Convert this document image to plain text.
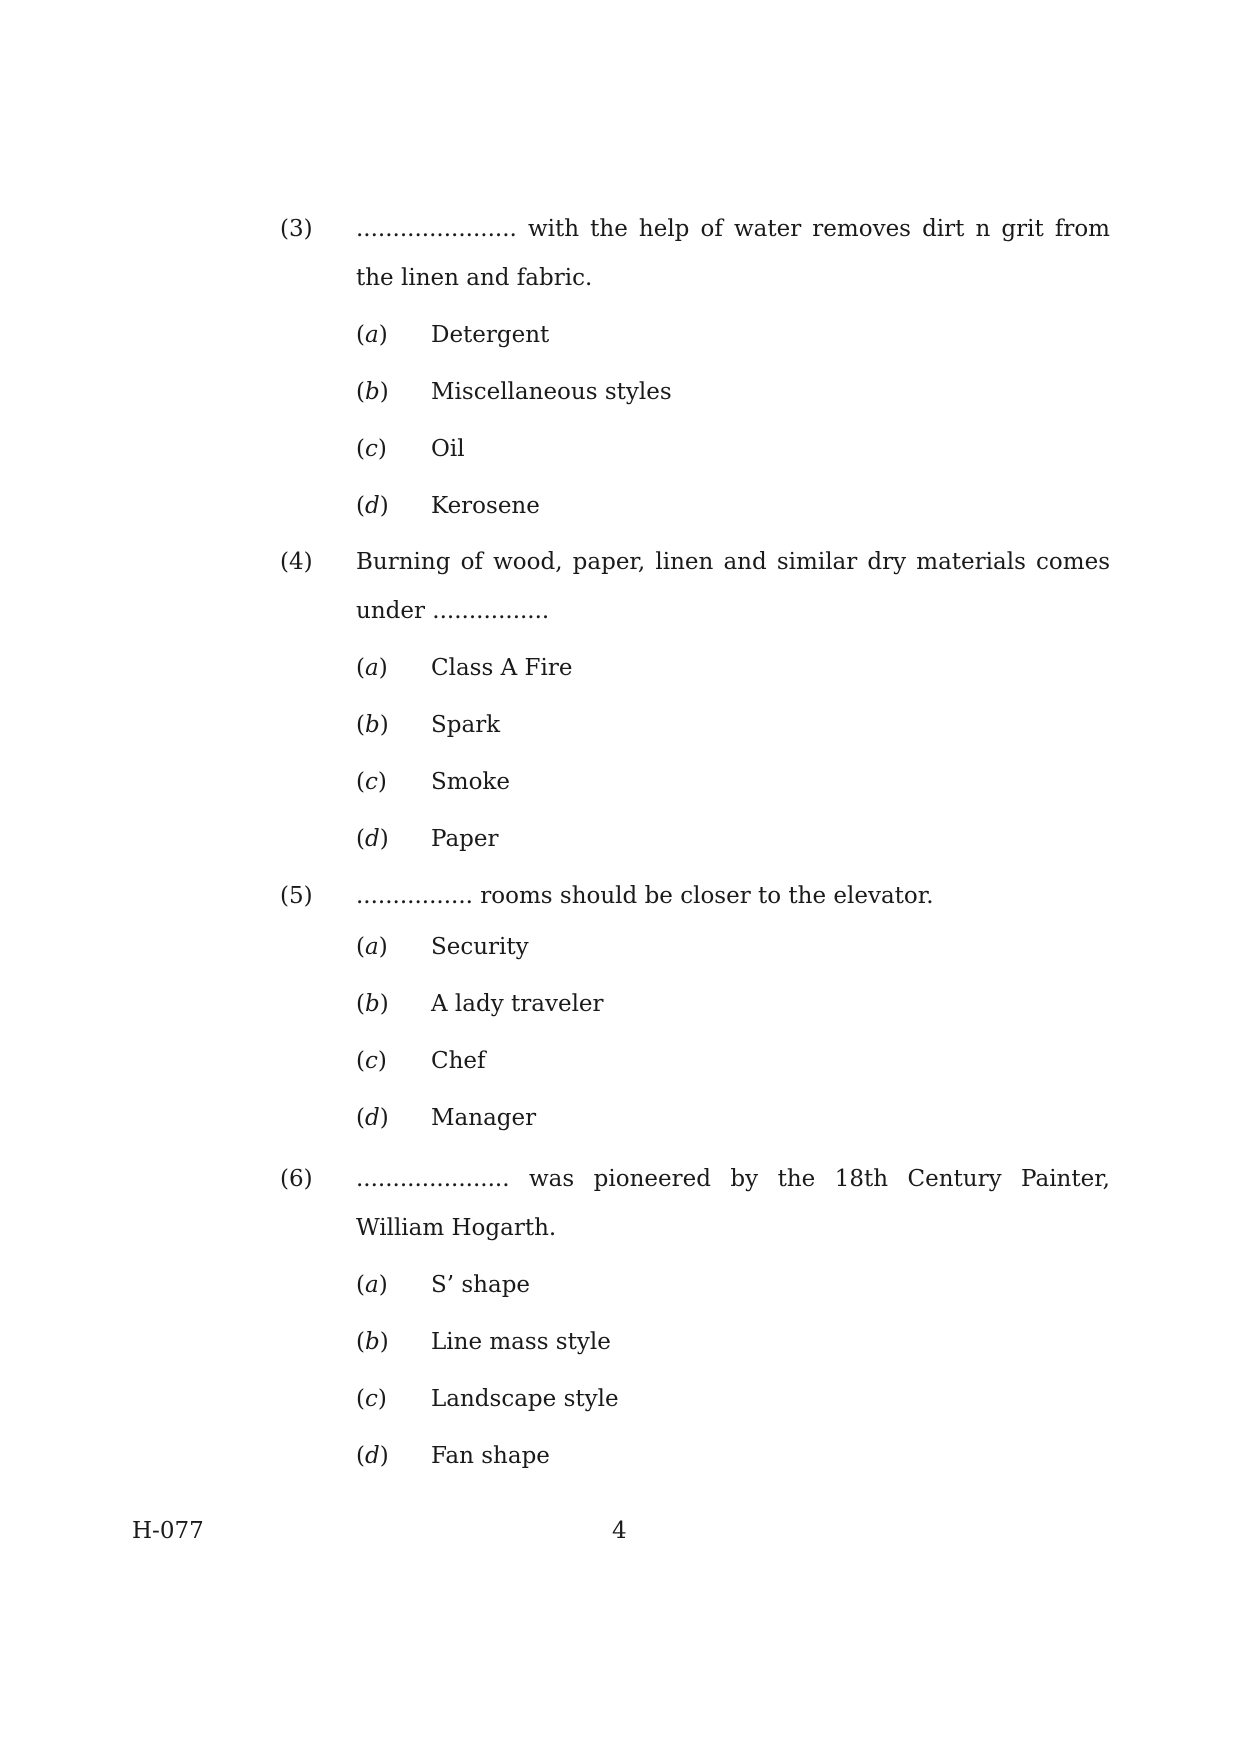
(3)	...................... with the help of water removes dirt n grit from the linen and fabric.
(a)	Detergent
(b)	Miscellaneous styles
(c)	Oil
(d)	Kerosene
(4)	Burning of wood, paper, linen and similar dry materials comes under ................
(a)	Class A Fire
(b)	Spark
(c)	Smoke
(d)	Paper
(5)	................ rooms should be closer to the elevator.
(a)	Security
(b)	A lady traveler
(c)	Chef
(d)	Manager
(6)	..................... was pioneered by the 18th Century Painter, William Hogarth.
(a)	S’ shape
(b)	Line mass style
(c)	Landscape style
(d)	Fan shape
H-077	4
